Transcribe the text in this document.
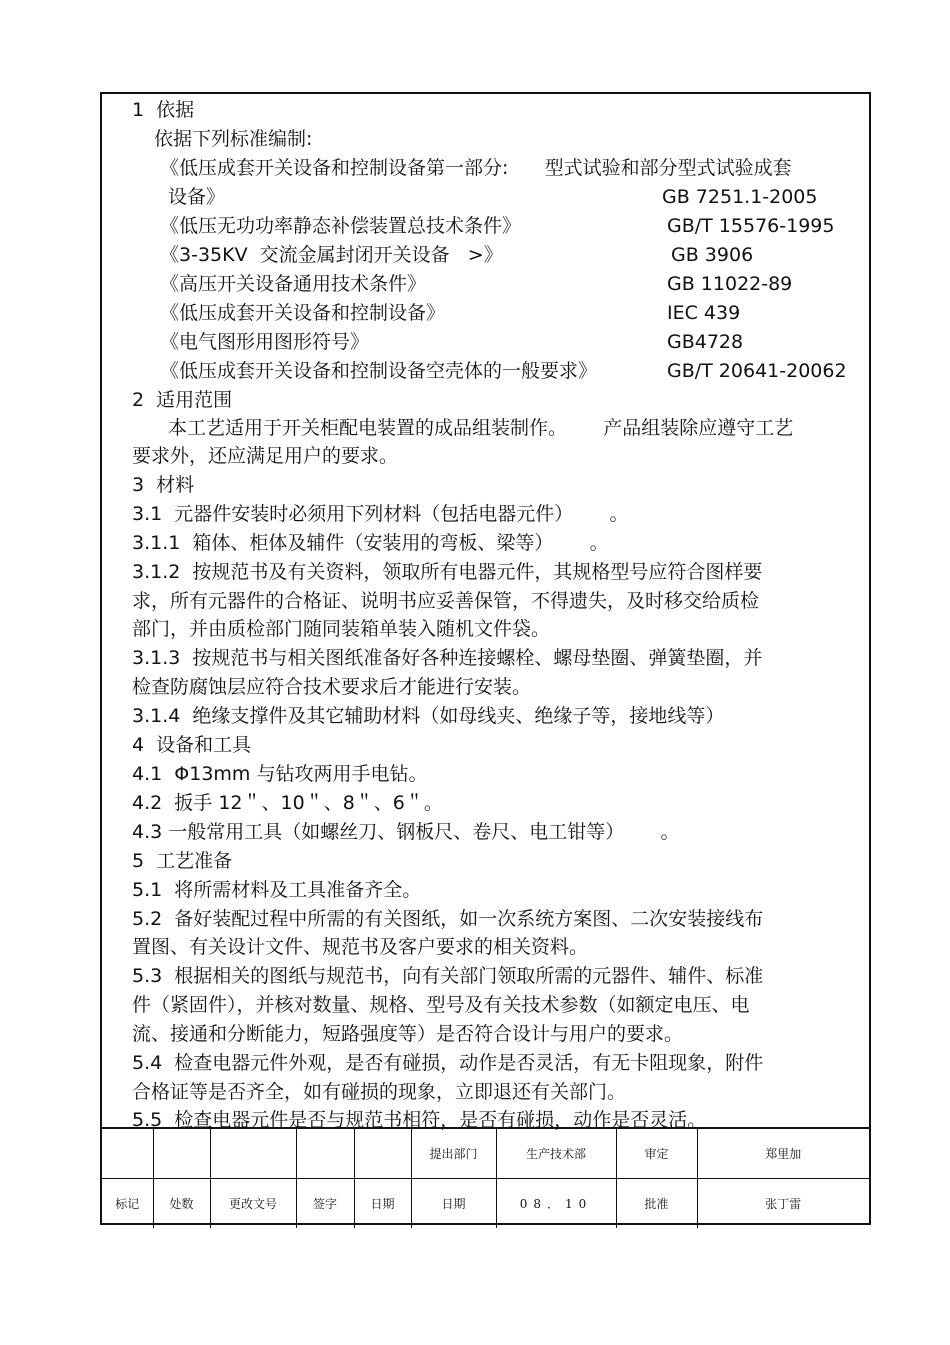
1  依据
依据下列标准编制:
《低压成套开关设备和控制设备第一部分:      型式试验和部分型式试验成套
设备》	GB 7251.1-2005
《低压无功功率静态补偿装置总技术条件》	GB/T 15576-1995
《3-35KV  交流金属封闭开关设备   >》	GB 3906
《高压开关设备通用技术条件》	GB 11022-89
《低压成套开关设备和控制设备》	IEC 439
《电气图形用图形符号》	GB4728
《低压成套开关设备和控制设备空壳体的一般要求》	GB/T 20641-20062
2  适用范围
本工艺适用于开关柜配电装置的成品组装制作。      产品组装除应遵守工艺
要求外，还应满足用户的要求。
3  材料
3.1  元器件安装时必须用下列材料（包括电器元件）      。
3.1.1  箱体、柜体及辅件（安装用的弯板、梁等）      。
3.1.2  按规范书及有关资料，领取所有电器元件，其规格型号应符合图样要
求，所有元器件的合格证、说明书应妥善保管，不得遗失，及时移交给质检
部门，并由质检部门随同装箱单装入随机文件袋。
3.1.3  按规范书与相关图纸准备好各种连接螺栓、螺母垫圈、弹簧垫圈，并
检查防腐蚀层应符合技术要求后才能进行安装。
3.1.4  绝缘支撑件及其它辅助材料（如母线夹、绝缘子等，接地线等）
4  设备和工具
4.1  Φ13mm 与钻攻两用手电钻。
4.2  扳手 12＂、10＂、8＂、6＂。
4.3 一般常用工具（如螺丝刀、钢板尺、卷尺、电工钳等）      。
5  工艺准备
5.1  将所需材料及工具准备齐全。
5.2  备好装配过程中所需的有关图纸，如一次系统方案图、二次安装接线布
置图、有关设计文件、规范书及客户要求的相关资料。
5.3  根据相关的图纸与规范书，向有关部门领取所需的元器件、辅件、标准
件（紧固件），并核对数量、规格、型号及有关技术参数（如额定电压、电
流、接通和分断能力，短路强度等）是否符合设计与用户的要求。
5.4  检查电器元件外观，是否有碰损，动作是否灵活，有无卡阻现象，附件
合格证等是否齐全，如有碰损的现象，立即退还有关部门。
5.5  检查电器元件是否与规范书相符，是否有碰损，动作是否灵活。
					提出部门	生产技术部	审定	郑里加
标记	处数	更改文号	签字	日期	日期	08．10	批准	张丁雷
